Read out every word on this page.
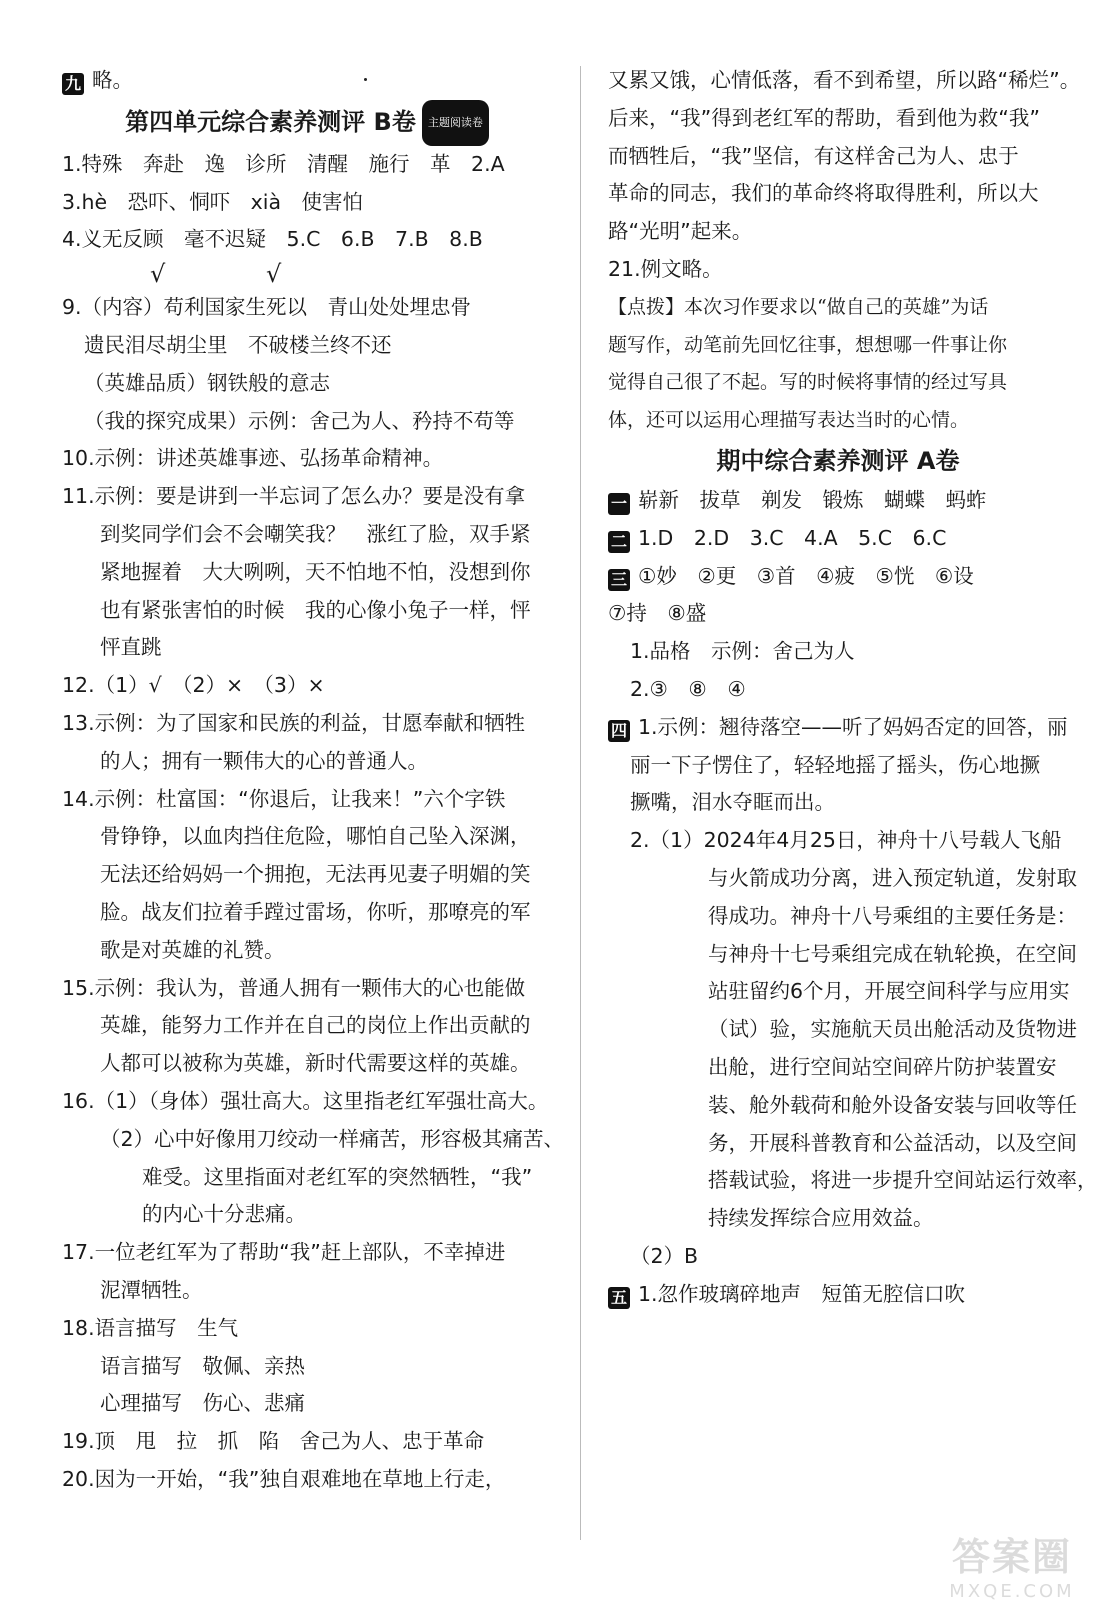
九 略。
第四单元综合素养测评 B卷 主题阅读卷
1.特殊　奔赴　逸　诊所　清醒　施行　革　2.A
3.hè　恐吓、恫吓　xià　使害怕
4.义无反顾　毫不迟疑　5.C　6.B　7.B　8.B
√	√
9.（内容）苟利国家生死以　青山处处埋忠骨
遗民泪尽胡尘里　不破楼兰终不还
（英雄品质）钢铁般的意志
（我的探究成果）示例：舍己为人、矜持不苟等
10.示例：讲述英雄事迹、弘扬革命精神。
11.示例：要是讲到一半忘词了怎么办？要是没有拿
到奖同学们会不会嘲笑我？　涨红了脸，双手紧
紧地握着　大大咧咧，天不怕地不怕，没想到你
也有紧张害怕的时候　我的心像小兔子一样，怦
怦直跳
12.（1）√　（2）×　（3）×
13.示例：为了国家和民族的利益，甘愿奉献和牺牲
的人；拥有一颗伟大的心的普通人。
14.示例：杜富国：“你退后，让我来！”六个字铁
骨铮铮，以血肉挡住危险，哪怕自己坠入深渊，
无法还给妈妈一个拥抱，无法再见妻子明媚的笑
脸。战友们拉着手蹚过雷场，你听，那嘹亮的军
歌是对英雄的礼赞。
15.示例：我认为，普通人拥有一颗伟大的心也能做
英雄，能努力工作并在自己的岗位上作出贡献的
人都可以被称为英雄，新时代需要这样的英雄。
16.（1）（身体）强壮高大。这里指老红军强壮高大。
（2）心中好像用刀绞动一样痛苦，形容极其痛苦、
难受。这里指面对老红军的突然牺牲，“我”
的内心十分悲痛。
17.一位老红军为了帮助“我”赶上部队，不幸掉进
泥潭牺牲。
18.语言描写　生气
语言描写　敬佩、亲热
心理描写　伤心、悲痛
19.顶　甩　拉　抓　陷　舍己为人、忠于革命
20.因为一开始，“我”独自艰难地在草地上行走，
又累又饿，心情低落，看不到希望，所以路“稀烂”。
后来，“我”得到老红军的帮助，看到他为救“我”
而牺牲后，“我”坚信，有这样舍己为人、忠于
革命的同志，我们的革命终将取得胜利，所以大
路“光明”起来。
21.例文略。
【点拨】本次习作要求以“做自己的英雄”为话
题写作，动笔前先回忆往事，想想哪一件事让你
觉得自己很了不起。写的时候将事情的经过写具
体，还可以运用心理描写表达当时的心情。
期中综合素养测评 A卷
一 崭新　拔草　剃发　锻炼　蝴蝶　蚂蚱
二 1.D　2.D　3.C　4.A　5.C　6.C
三 ①妙　②更　③首　④疲　⑤恍　⑥设
⑦持　⑧盛
1.品格　示例：舍己为人
2.③　⑧　④
四 1.示例：翘待落空——听了妈妈否定的回答，丽
丽一下子愣住了，轻轻地摇了摇头，伤心地撅
撅嘴，泪水夺眶而出。
2.（1）2024年4月25日，神舟十八号载人飞船
与火箭成功分离，进入预定轨道，发射取
得成功。神舟十八号乘组的主要任务是：
与神舟十七号乘组完成在轨轮换，在空间
站驻留约6个月，开展空间科学与应用实
（试）验，实施航天员出舱活动及货物进
出舱，进行空间站空间碎片防护装置安
装、舱外载荷和舱外设备安装与回收等任
务，开展科普教育和公益活动，以及空间
搭载试验，将进一步提升空间站运行效率，
持续发挥综合应用效益。
（2）B
五 1.忽作玻璃碎地声　短笛无腔信口吹
答案圈
MXQE.COM
